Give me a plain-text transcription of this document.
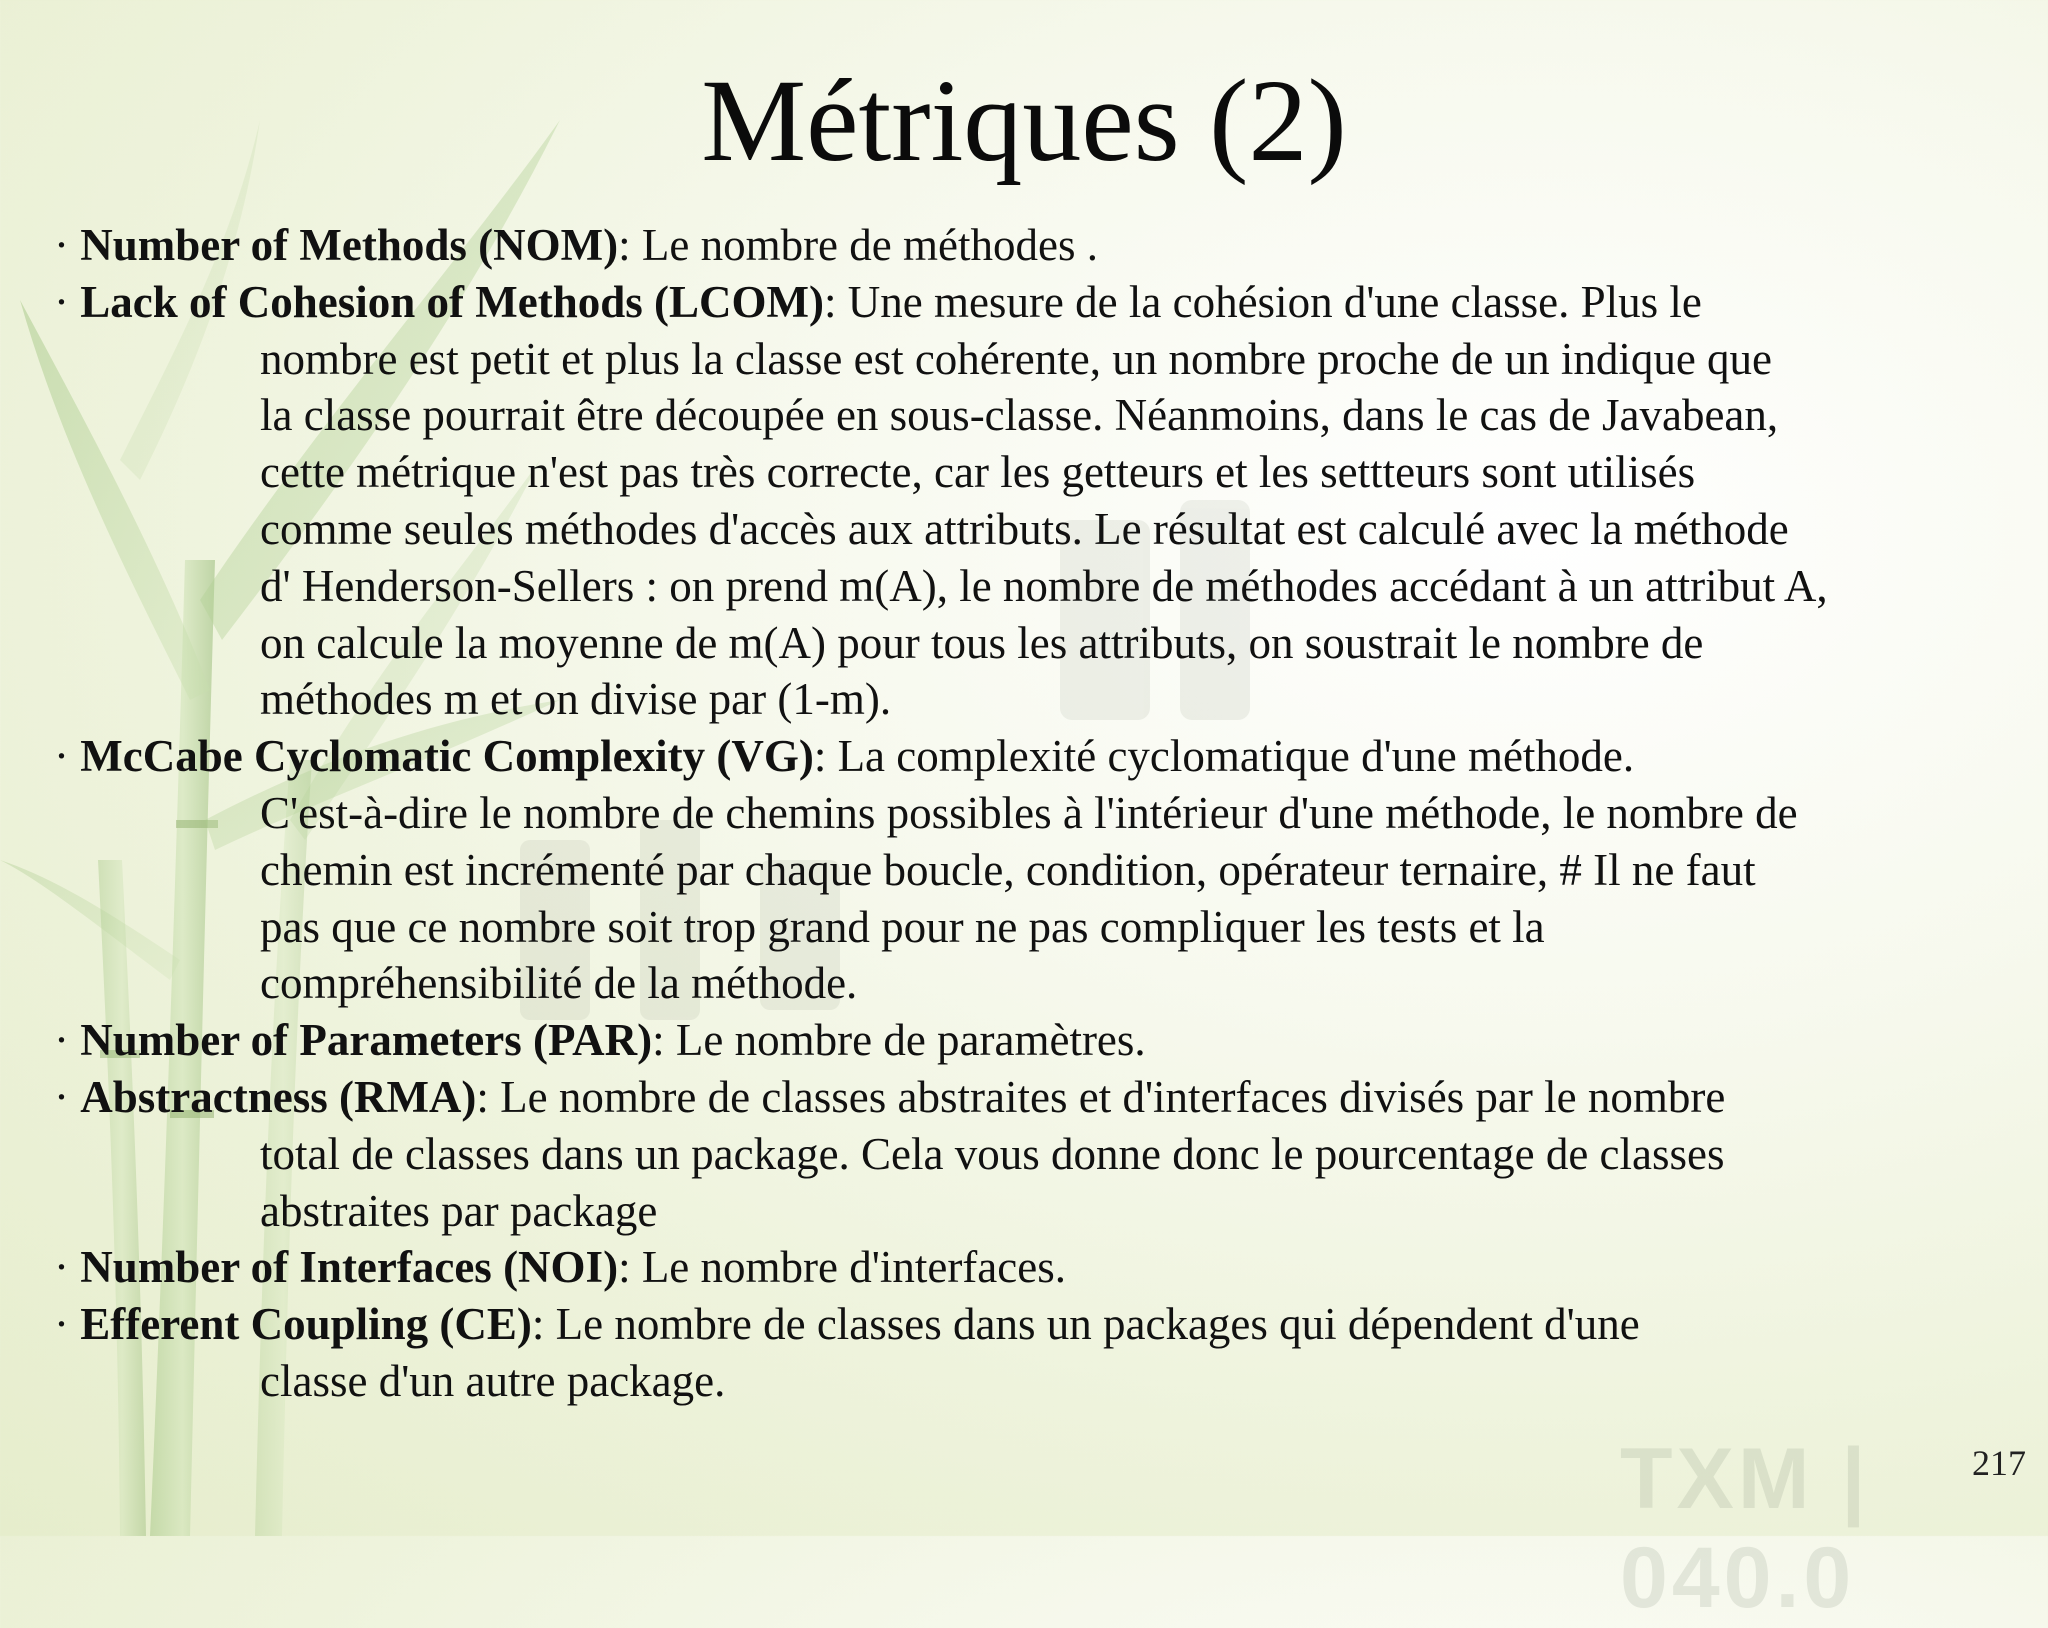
TXM | 040.0
Métriques (2)
· Number of Methods (NOM): Le nombre de méthodes .
· Lack of Cohesion of Methods (LCOM): Une mesure de la cohésion d'une classe. Plus le
nombre est petit et plus la classe est cohérente, un nombre proche de un indique que
la classe pourrait être découpée en sous-classe. Néanmoins, dans le cas de Javabean,
cette métrique n'est pas très correcte, car les getteurs et les settteurs sont utilisés
comme seules méthodes d'accès aux attributs. Le résultat est calculé avec la méthode
d' Henderson-Sellers : on prend m(A), le nombre de méthodes accédant à un attribut A,
on calcule la moyenne de m(A) pour tous les attributs, on soustrait le nombre de
méthodes m et on divise par (1-m).
· McCabe Cyclomatic Complexity (VG): La complexité cyclomatique d'une méthode.
C'est-à-dire le nombre de chemins possibles à l'intérieur d'une méthode, le nombre de
chemin est incrémenté par chaque boucle, condition, opérateur ternaire, # Il ne faut
pas que ce nombre soit trop grand pour ne pas compliquer les tests et la
compréhensibilité de la méthode.
· Number of Parameters (PAR): Le nombre de paramètres.
· Abstractness (RMA): Le nombre de classes abstraites et d'interfaces divisés par le nombre
total de classes dans un package. Cela vous donne donc le pourcentage de classes
abstraites par package
· Number of Interfaces (NOI): Le nombre d'interfaces.
· Efferent Coupling (CE): Le nombre de classes dans un packages qui dépendent d'une
classe d'un autre package.
217
